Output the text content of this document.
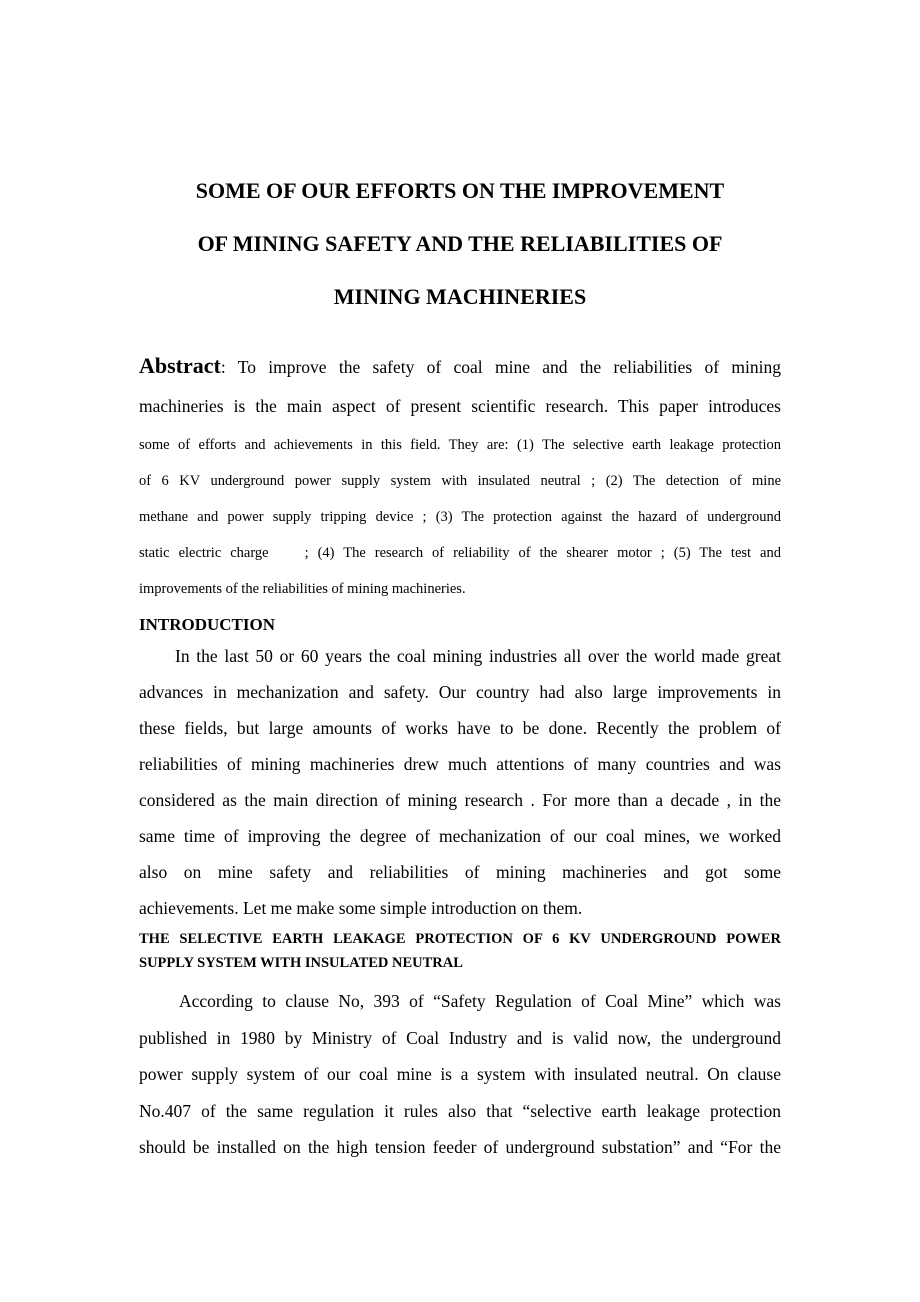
SOME OF OUR EFFORTS ON THE IMPROVEMENT
OF MINING SAFETY AND THE RELIABILITIES OF
MINING MACHINERIES
Abstract: To improve the safety of coal mine and the reliabilities of mining
machineries is the main aspect of present scientific research. This paper introduces
some of efforts and achievements in this field. They are: (1) The selective earth leakage protection
of 6 KV underground power supply system with insulated neutral ; (2) The detection of mine
methane and power supply tripping device ; (3) The protection against the hazard of underground
static electric charge    ; (4) The research of reliability of the shearer motor ; (5) The test and
improvements of the reliabilities of mining machineries.
INTRODUCTION
In the last 50 or 60 years the coal mining industries all over the world made great
advances in mechanization and safety. Our country had also large improvements in
these fields, but large amounts of works have to be done. Recently the problem of
reliabilities of mining machineries drew much attentions of many countries and was
considered as the main direction of mining research . For more than a decade , in the
same time of improving the degree of mechanization of our coal mines, we worked
also on mine safety and reliabilities of mining machineries and got some
achievements. Let me make some simple introduction on them.
THE SELECTIVE EARTH LEAKAGE PROTECTION OF 6 KV UNDERGROUND POWER
SUPPLY SYSTEM WITH INSULATED NEUTRAL
According to clause No, 393 of “Safety Regulation of Coal Mine” which was
published in 1980 by Ministry of Coal Industry and is valid now, the underground
power supply system of our coal mine is a system with insulated neutral. On clause
No.407 of the same regulation it rules also that “selective earth leakage protection
should be installed on the high tension feeder of underground substation” and “For the
